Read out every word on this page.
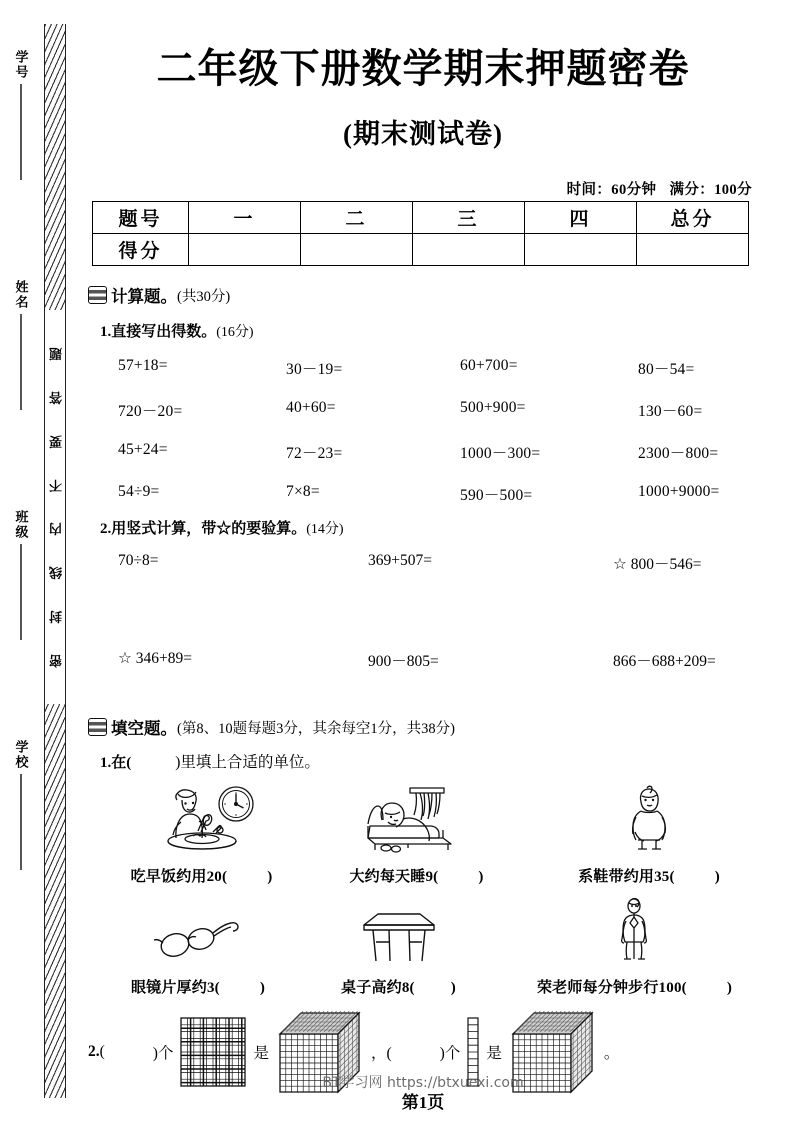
学号
姓名
班级
学校
题
答
要
不
内
线
封
密
二年级下册数学期末押题密卷
(期末测试卷)
时间：60分钟 满分：100分
题号	一	二	三	四	总分
得分					
计算题。 (共30分)
1.直接写出得数。(16分)
57+18=	30－19=	60+700=	80－54=
720－20=	40+60=	500+900=	130－60=
45+24=	72－23=	1000－300=	2300－800=
54÷9=	7×8=	590－500=	1000+9000=
2.用竖式计算，带☆的要验算。(14分)
70÷8=	369+507=	☆ 800－546=
☆ 346+89=	900－805=	866－688+209=
填空题。 (第8、10题每题3分，其余每空1分，共38分)
1.在(	)里填上合适的单位。
吃早饭约用20(	)	大约每天睡9(	)	系鞋带约用35(	)
眼镜片厚约3(	)	桌子高约8( )	荣老师每分钟步行100(	)
2. (	)个	是	，(	)个 是	。
BT学习网 https://btxuexi.com
第1页
